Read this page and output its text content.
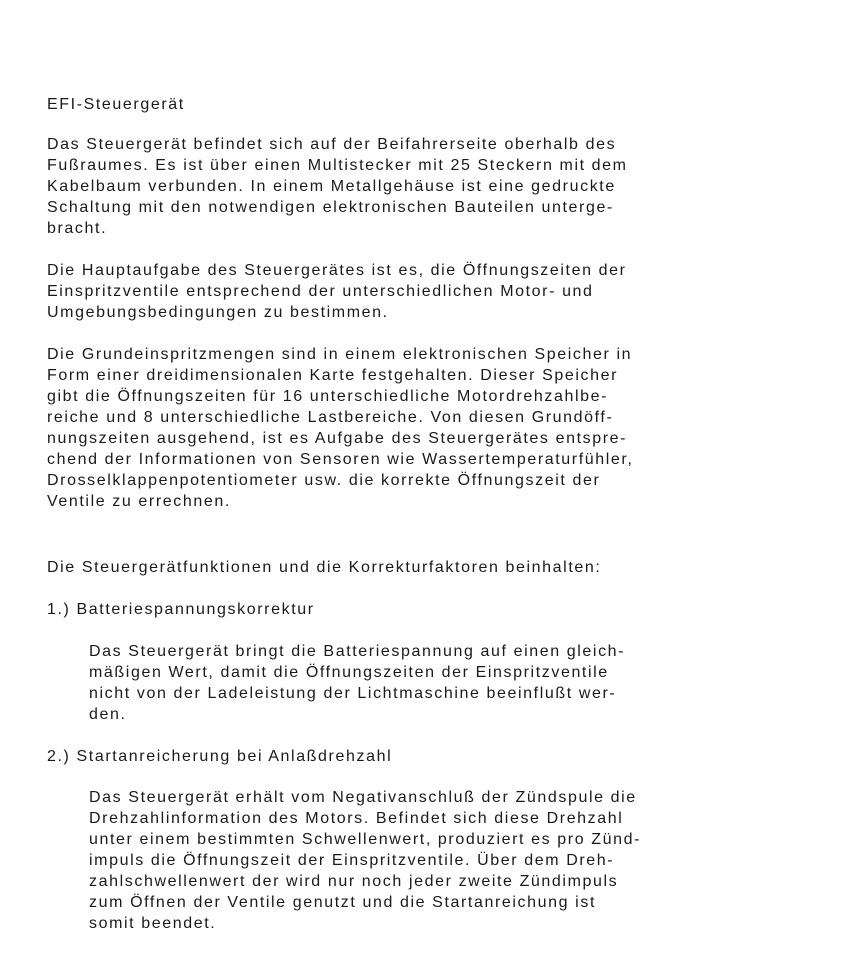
EFI-Steuergerät

Das Steuergerät befindet sich auf der Beifahrerseite oberhalb des
Fußraumes. Es ist über einen Multistecker mit 25 Steckern mit dem
Kabelbaum verbunden. In einem Metallgehäuse ist eine gedruckte
Schaltung mit den notwendigen elektronischen Bauteilen unterge-
bracht.

Die Hauptaufgabe des Steuergerätes ist es, die Öffnungszeiten der
Einspritzventile entsprechend der unterschiedlichen Motor- und
Umgebungsbedingungen zu bestimmen.

Die Grundeinspritzmengen sind in einem elektronischen Speicher in
Form einer dreidimensionalen Karte festgehalten. Dieser Speicher
gibt die Öffnungszeiten für 16 unterschiedliche Motordrehzahlbe-
reiche und 8 unterschiedliche Lastbereiche. Von diesen Grundöff-
nungszeiten ausgehend, ist es Aufgabe des Steuergerätes entspre-
chend der Informationen von Sensoren wie Wassertemperaturfühler,
Drosselklappenpotentiometer usw. die korrekte Öffnungszeit der
Ventile zu errechnen.

Die Steuergerätfunktionen und die Korrekturfaktoren beinhalten:

1.) Batteriespannungskorrektur

Das Steuergerät bringt die Batteriespannung auf einen gleich-
mäßigen Wert, damit die Öffnungszeiten der Einspritzventile
nicht von der Ladeleistung der Lichtmaschine beeinflußt wer-
den.

2.) Startanreicherung bei Anlaßdrehzahl

Das Steuergerät erhält vom Negativanschluß der Zündspule die
Drehzahlinformation des Motors. Befindet sich diese Drehzahl
unter einem bestimmten Schwellenwert, produziert es pro Zünd-
impuls die Öffnungszeit der Einspritzventile. Über dem Dreh-
zahlschwellenwert der wird nur noch jeder zweite Zündimpuls
zum Öffnen der Ventile genutzt und die Startanreichung ist
somit beendet.
